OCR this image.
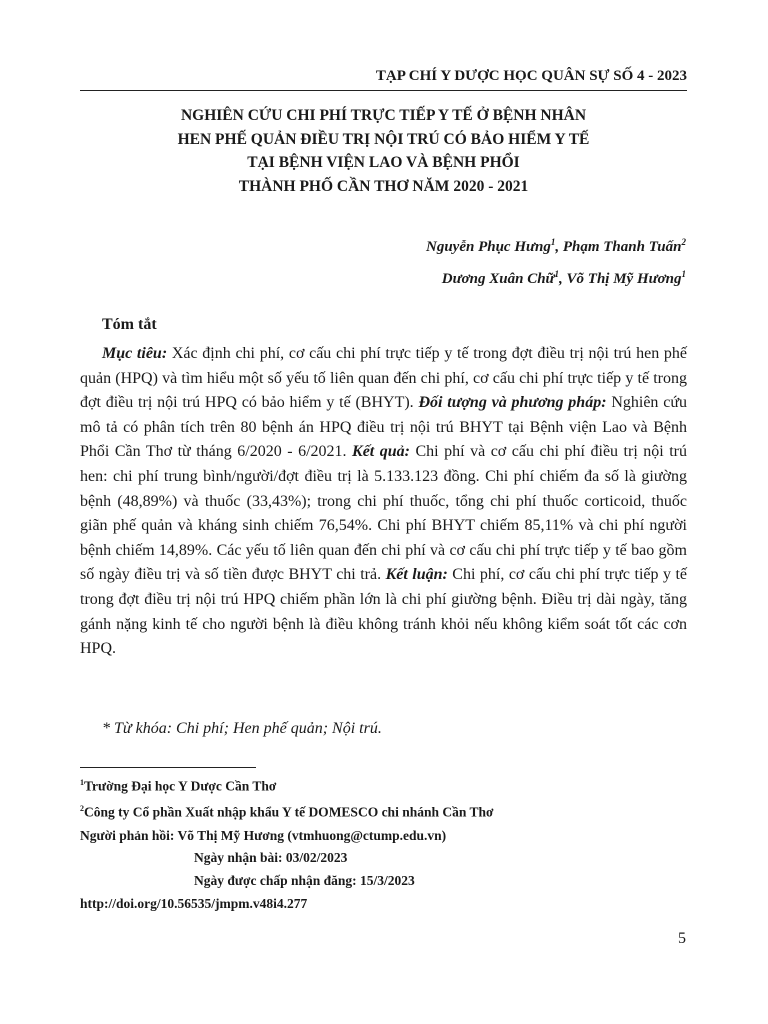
TẠP CHÍ Y DƯỢC HỌC QUÂN SỰ SỐ 4 - 2023
NGHIÊN CỨU CHI PHÍ TRỰC TIẾP Y TẾ Ở BỆNH NHÂN
HEN PHẾ QUẢN ĐIỀU TRỊ NỘI TRÚ CÓ BẢO HIỂM Y TẾ
TẠI BỆNH VIỆN LAO VÀ BỆNH PHỔI
THÀNH PHỐ CẦN THƠ NĂM 2020 - 2021
Nguyễn Phục Hưng$^1$, Phạm Thanh Tuấn$^2$
Dương Xuân Chữ$^1$, Võ Thị Mỹ Hương$^1$
Tóm tắt
Mục tiêu: Xác định chi phí, cơ cấu chi phí trực tiếp y tế trong đợt điều trị nội trú hen phế quản (HPQ) và tìm hiểu một số yếu tố liên quan đến chi phí, cơ cấu chi phí trực tiếp y tế trong đợt điều trị nội trú HPQ có bảo hiểm y tế (BHYT). Đối tượng và phương pháp: Nghiên cứu mô tả có phân tích trên 80 bệnh án HPQ điều trị nội trú BHYT tại Bệnh viện Lao và Bệnh Phổi Cần Thơ từ tháng 6/2020 - 6/2021. Kết quả: Chi phí và cơ cấu chi phí điều trị nội trú hen: chi phí trung bình/người/đợt điều trị là 5.133.123 đồng. Chi phí chiếm đa số là giường bệnh (48,89%) và thuốc (33,43%); trong chi phí thuốc, tổng chi phí thuốc corticoid, thuốc giãn phế quản và kháng sinh chiếm 76,54%. Chi phí BHYT chiếm 85,11% và chi phí người bệnh chiếm 14,89%. Các yếu tố liên quan đến chi phí và cơ cấu chi phí trực tiếp y tế bao gồm số ngày điều trị và số tiền được BHYT chi trả. Kết luận: Chi phí, cơ cấu chi phí trực tiếp y tế trong đợt điều trị nội trú HPQ chiếm phần lớn là chi phí giường bệnh. Điều trị dài ngày, tăng gánh nặng kinh tế cho người bệnh là điều không tránh khỏi nếu không kiểm soát tốt các cơn HPQ.
* Từ khóa: Chi phí; Hen phế quản; Nội trú.
$^1$Trường Đại học Y Dược Cần Thơ
$^2$Công ty Cổ phần Xuất nhập khẩu Y tế DOMESCO chi nhánh Cần Thơ
Người phản hồi: Võ Thị Mỹ Hương (vtmhuong@ctump.edu.vn)
Ngày nhận bài: 03/02/2023
Ngày được chấp nhận đăng: 15/3/2023
http://doi.org/10.56535/jmpm.v48i4.277
5
